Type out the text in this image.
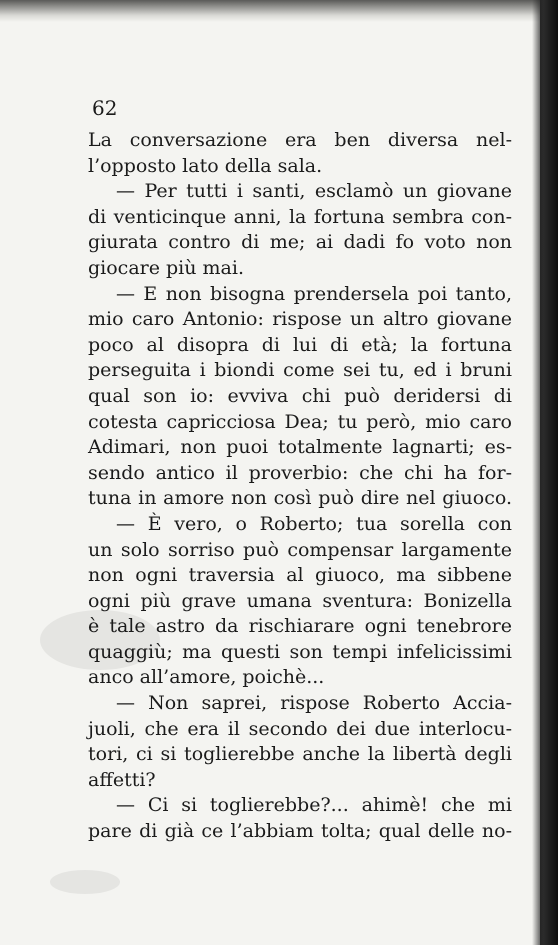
62
La conversazione era ben diversa nel-
l’opposto lato della sala.
— Per tutti i santi, esclamò un giovane
di venticinque anni, la fortuna sembra con-
giurata contro di me; ai dadi fo voto non
giocare più mai.
— E non bisogna prendersela poi tanto,
mio caro Antonio: rispose un altro giovane
poco al disopra di lui di età; la fortuna
perseguita i biondi come sei tu, ed i bruni
qual son io: evviva chi può deridersi di
cotesta capricciosa Dea; tu però, mio caro
Adimari, non puoi totalmente lagnarti; es-
sendo antico il proverbio: che chi ha for-
tuna in amore non così può dire nel giuoco.
— È vero, o Roberto; tua sorella con
un solo sorriso può compensar largamente
non ogni traversia al giuoco, ma sibbene
ogni più grave umana sventura: Bonizella
è tale astro da rischiarare ogni tenebrore
quaggiù; ma questi son tempi infelicissimi
anco all’amore, poichè...
— Non saprei, rispose Roberto Accia-
juoli, che era il secondo dei due interlocu-
tori, ci si toglierebbe anche la libertà degli
affetti?
— Ci si toglierebbe?... ahimè! che mi
pare di già ce l’abbiam tolta; qual delle no-
